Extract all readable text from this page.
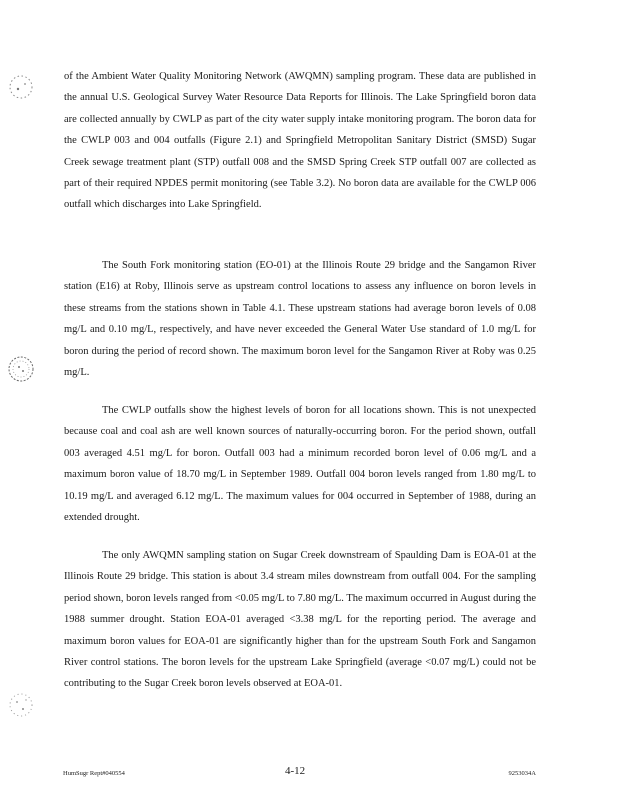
of the Ambient Water Quality Monitoring Network (AWQMN) sampling program. These data are published in the annual U.S. Geological Survey Water Resource Data Reports for Illinois. The Lake Springfield boron data are collected annually by CWLP as part of the city water supply intake monitoring program. The boron data for the CWLP 003 and 004 outfalls (Figure 2.1) and Springfield Metropolitan Sanitary District (SMSD) Sugar Creek sewage treatment plant (STP) outfall 008 and the SMSD Spring Creek STP outfall 007 are collected as part of their required NPDES permit monitoring (see Table 3.2). No boron data are available for the CWLP 006 outfall which discharges into Lake Springfield.

The South Fork monitoring station (EO-01) at the Illinois Route 29 bridge and the Sangamon River station (E16) at Roby, Illinois serve as upstream control locations to assess any influence on boron levels in these streams from the stations shown in Table 4.1. These upstream stations had average boron levels of 0.08 mg/L and 0.10 mg/L, respectively, and have never exceeded the General Water Use standard of 1.0 mg/L for boron during the period of record shown. The maximum boron level for the Sangamon River at Roby was 0.25 mg/L.

The CWLP outfalls show the highest levels of boron for all locations shown. This is not unexpected because coal and coal ash are well known sources of naturally-occurring boron. For the period shown, outfall 003 averaged 4.51 mg/L for boron. Outfall 003 had a minimum recorded boron level of 0.06 mg/L and a maximum boron value of 18.70 mg/L in September 1989. Outfall 004 boron levels ranged from 1.80 mg/L to 10.19 mg/L and averaged 6.12 mg/L. The maximum values for 004 occurred in September of 1988, during an extended drought.

The only AWQMN sampling station on Sugar Creek downstream of Spaulding Dam is EOA-01 at the Illinois Route 29 bridge. This station is about 3.4 stream miles downstream from outfall 004. For the sampling period shown, boron levels ranged from <0.05 mg/L to 7.80 mg/L. The maximum occurred in August during the 1988 summer drought. Station EOA-01 averaged <3.38 mg/L for the reporting period. The average and maximum boron values for EOA-01 are significantly higher than for the upstream South Fork and Sangamon River control stations. The boron levels for the upstream Lake Springfield (average <0.07 mg/L) could not be contributing to the Sugar Creek boron levels observed at EOA-01.

HumSugr Rept#040554	4-12	9253034A
